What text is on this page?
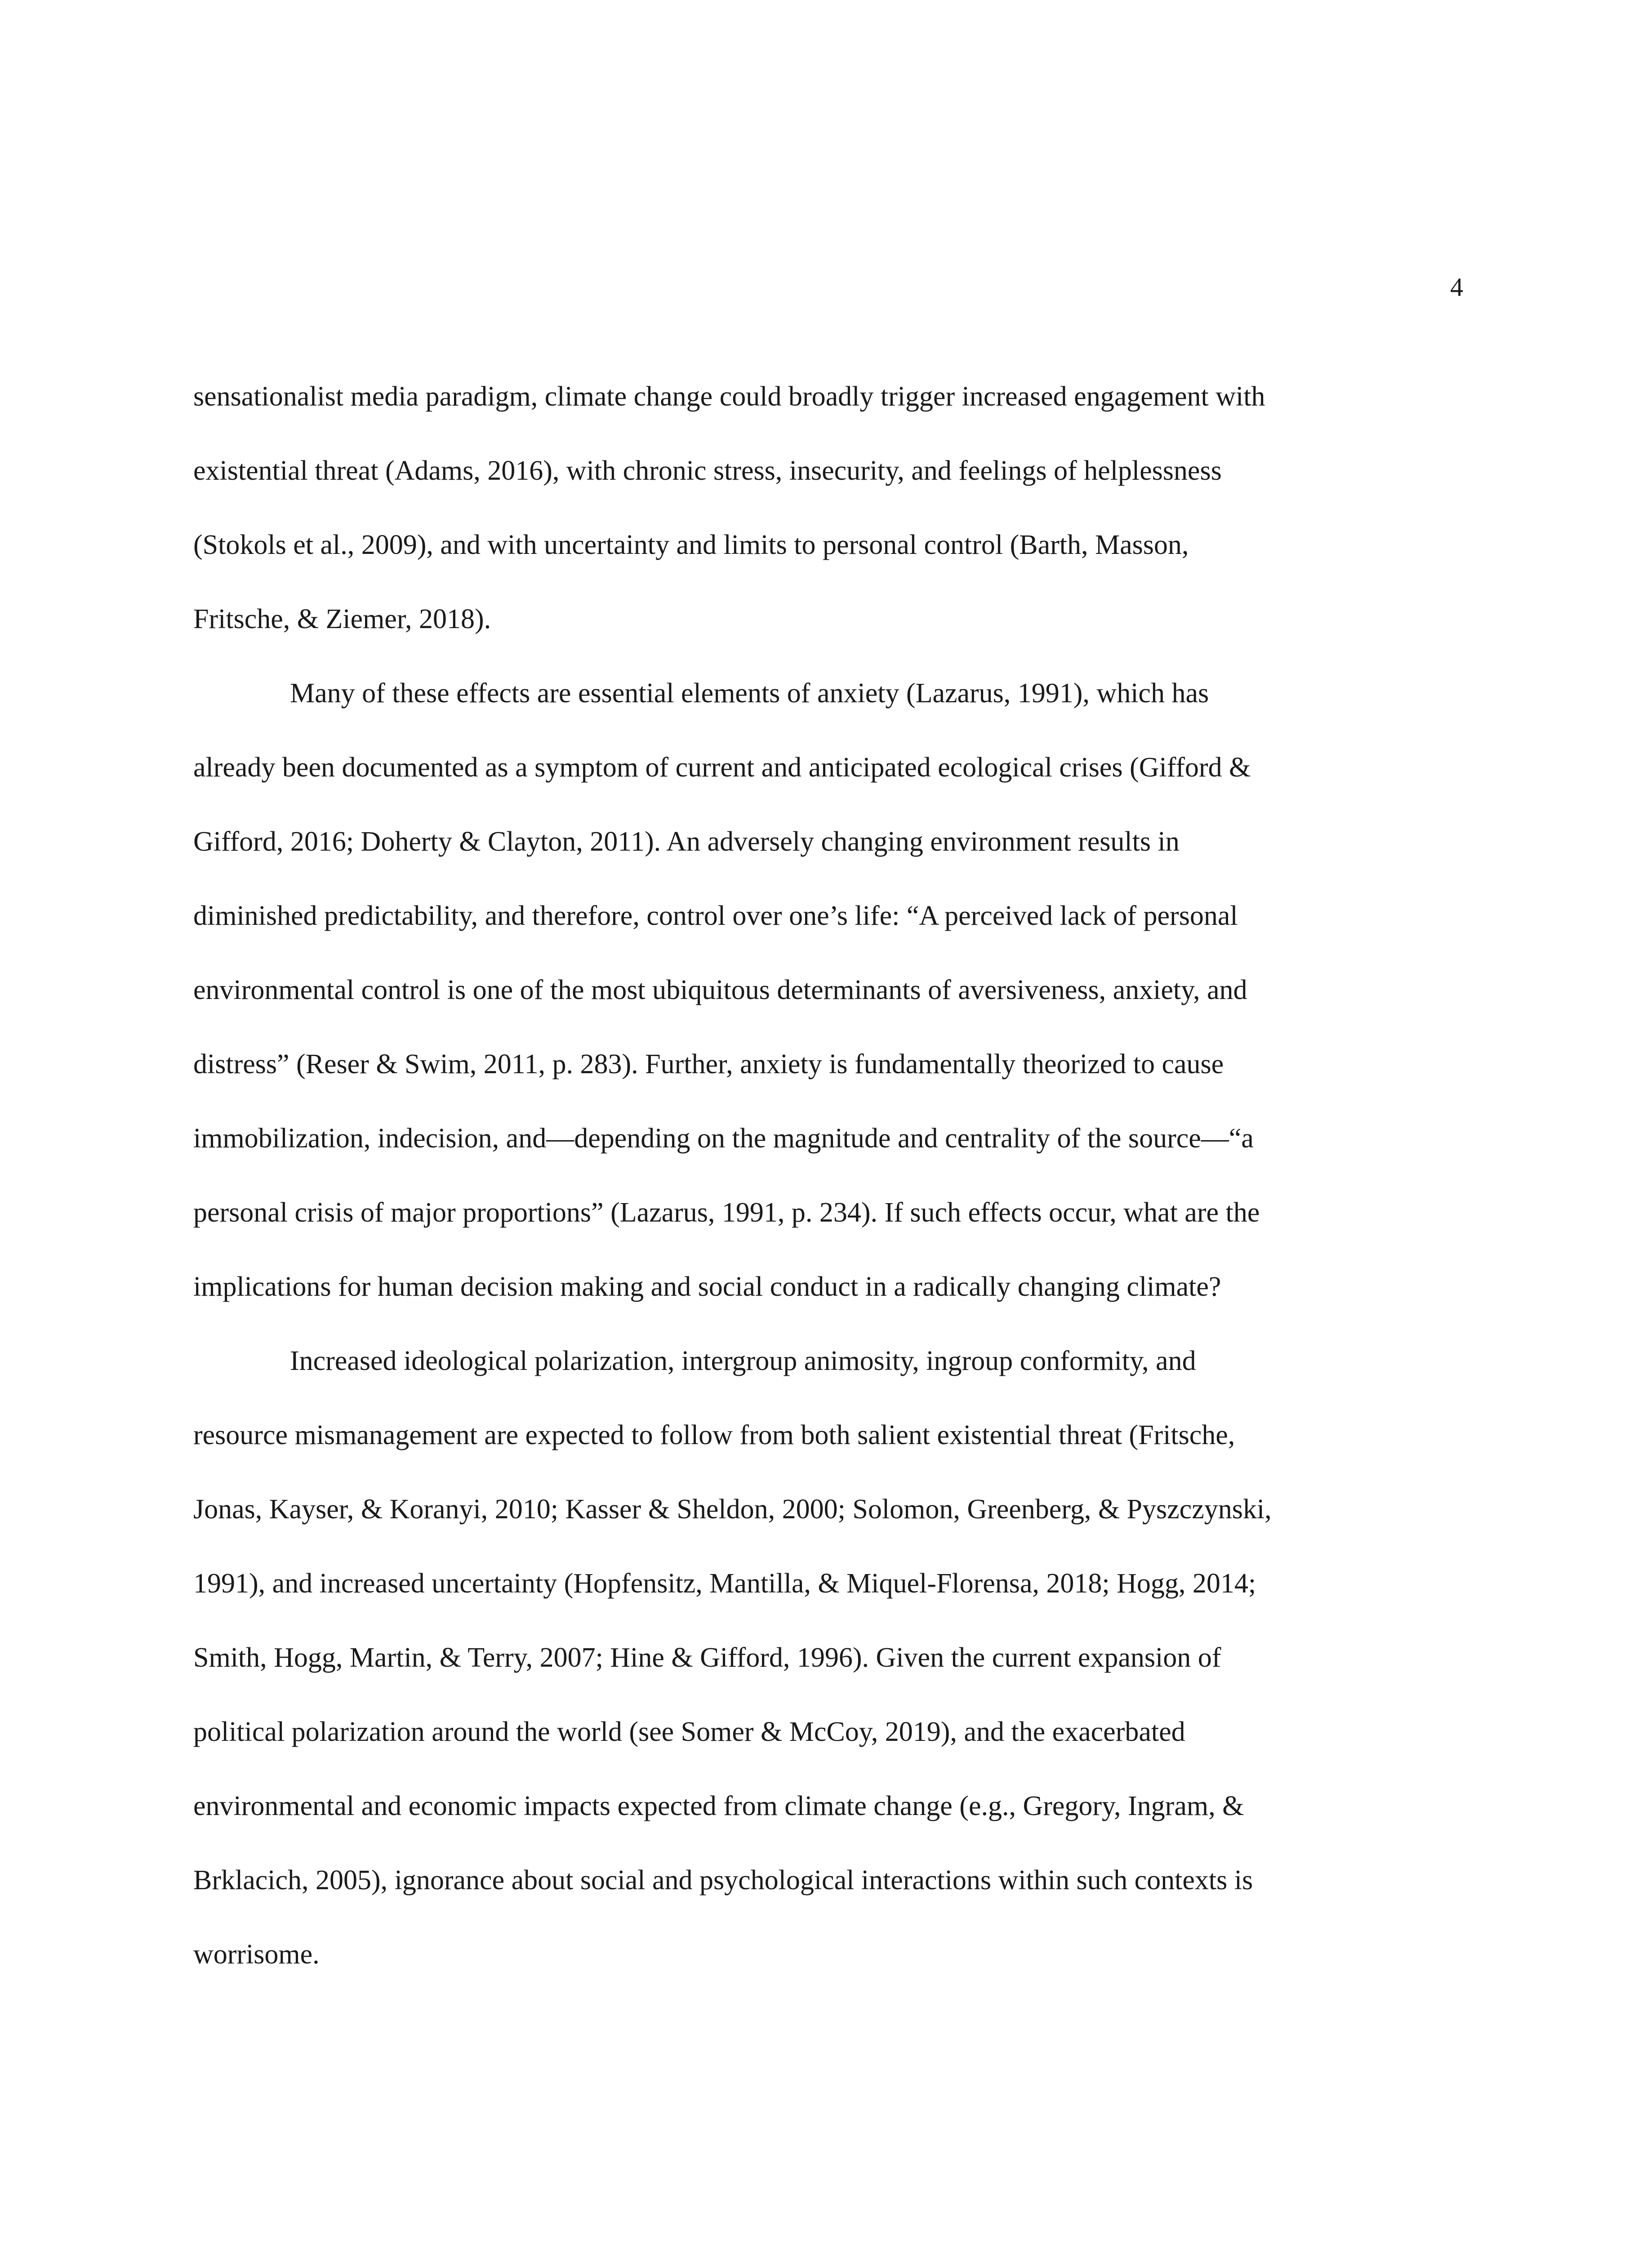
4
sensationalist media paradigm, climate change could broadly trigger increased engagement with
existential threat (Adams, 2016), with chronic stress, insecurity, and feelings of helplessness
(Stokols et al., 2009), and with uncertainty and limits to personal control (Barth, Masson,
Fritsche, & Ziemer, 2018).
Many of these effects are essential elements of anxiety (Lazarus, 1991), which has
already been documented as a symptom of current and anticipated ecological crises (Gifford &
Gifford, 2016; Doherty & Clayton, 2011). An adversely changing environment results in
diminished predictability, and therefore, control over one’s life: “A perceived lack of personal
environmental control is one of the most ubiquitous determinants of aversiveness, anxiety, and
distress” (Reser & Swim, 2011, p. 283). Further, anxiety is fundamentally theorized to cause
immobilization, indecision, and—depending on the magnitude and centrality of the source—“a
personal crisis of major proportions” (Lazarus, 1991, p. 234). If such effects occur, what are the
implications for human decision making and social conduct in a radically changing climate?
Increased ideological polarization, intergroup animosity, ingroup conformity, and
resource mismanagement are expected to follow from both salient existential threat (Fritsche,
Jonas, Kayser, & Koranyi, 2010; Kasser & Sheldon, 2000; Solomon, Greenberg, & Pyszczynski,
1991), and increased uncertainty (Hopfensitz, Mantilla, & Miquel-Florensa, 2018; Hogg, 2014;
Smith, Hogg, Martin, & Terry, 2007; Hine & Gifford, 1996). Given the current expansion of
political polarization around the world (see Somer & McCoy, 2019), and the exacerbated
environmental and economic impacts expected from climate change (e.g., Gregory, Ingram, &
Brklacich, 2005), ignorance about social and psychological interactions within such contexts is
worrisome.
